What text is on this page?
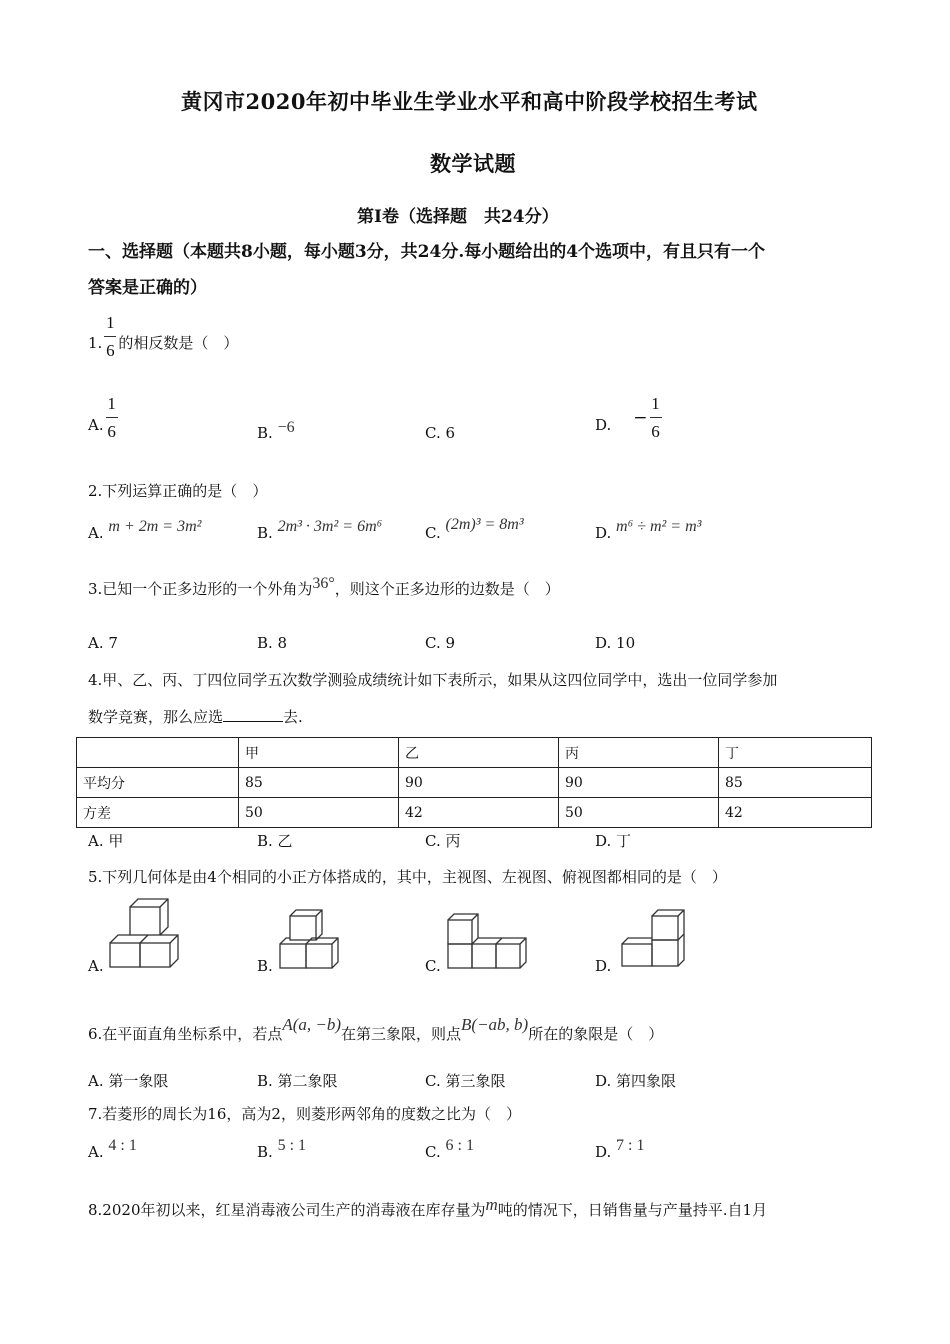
黄冈市2020年初中毕业生学业水平和高中阶段学校招生考试
数学试题
第Ⅰ卷（选择题　共24分）
一、选择题（本题共8小题，每小题3分，共24分.每小题给出的4个选项中，有且只有一个
答案是正确的）
1. $\frac{1}{6}$ 的相反数是（　）
A. $\frac{1}{6}$	B. −6	C. 6	D. − $\frac{1}{6}$
2.下列运算正确的是（　）
A. m + 2m = 3m²	B. 2m³ · 3m² = 6m⁶	C. (2m)³ = 8m³	D. m⁶ ÷ m² = m³
3.已知一个正多边形的一个外角为36°，则这个正多边形的边数是（　）
A. 7	B. 8	C. 9	D. 10
4.甲、乙、丙、丁四位同学五次数学测验成绩统计如下表所示，如果从这四位同学中，选出一位同学参加
数学竞赛，那么应选	去.
	甲	乙	丙	丁
平均分	85	90	90	85
方差	50	42	50	42
A. 甲	B. 乙	C. 丙	D. 丁
5.下列几何体是由4个相同的小正方体搭成的，其中，主视图、左视图、俯视图都相同的是（　）
A.	B.	C.	D.
6.在平面直角坐标系中，若点A(a, −b)在第三象限，则点B(−ab, b)所在的象限是（　）
A. 第一象限	B. 第二象限	C. 第三象限	D. 第四象限
7.若菱形的周长为16，高为2，则菱形两邻角的度数之比为（　）
A. 4 : 1	B. 5 : 1	C. 6 : 1	D. 7 : 1
8.2020年初以来，红星消毒液公司生产的消毒液在库存量为m吨的情况下，日销售量与产量持平.自1月
